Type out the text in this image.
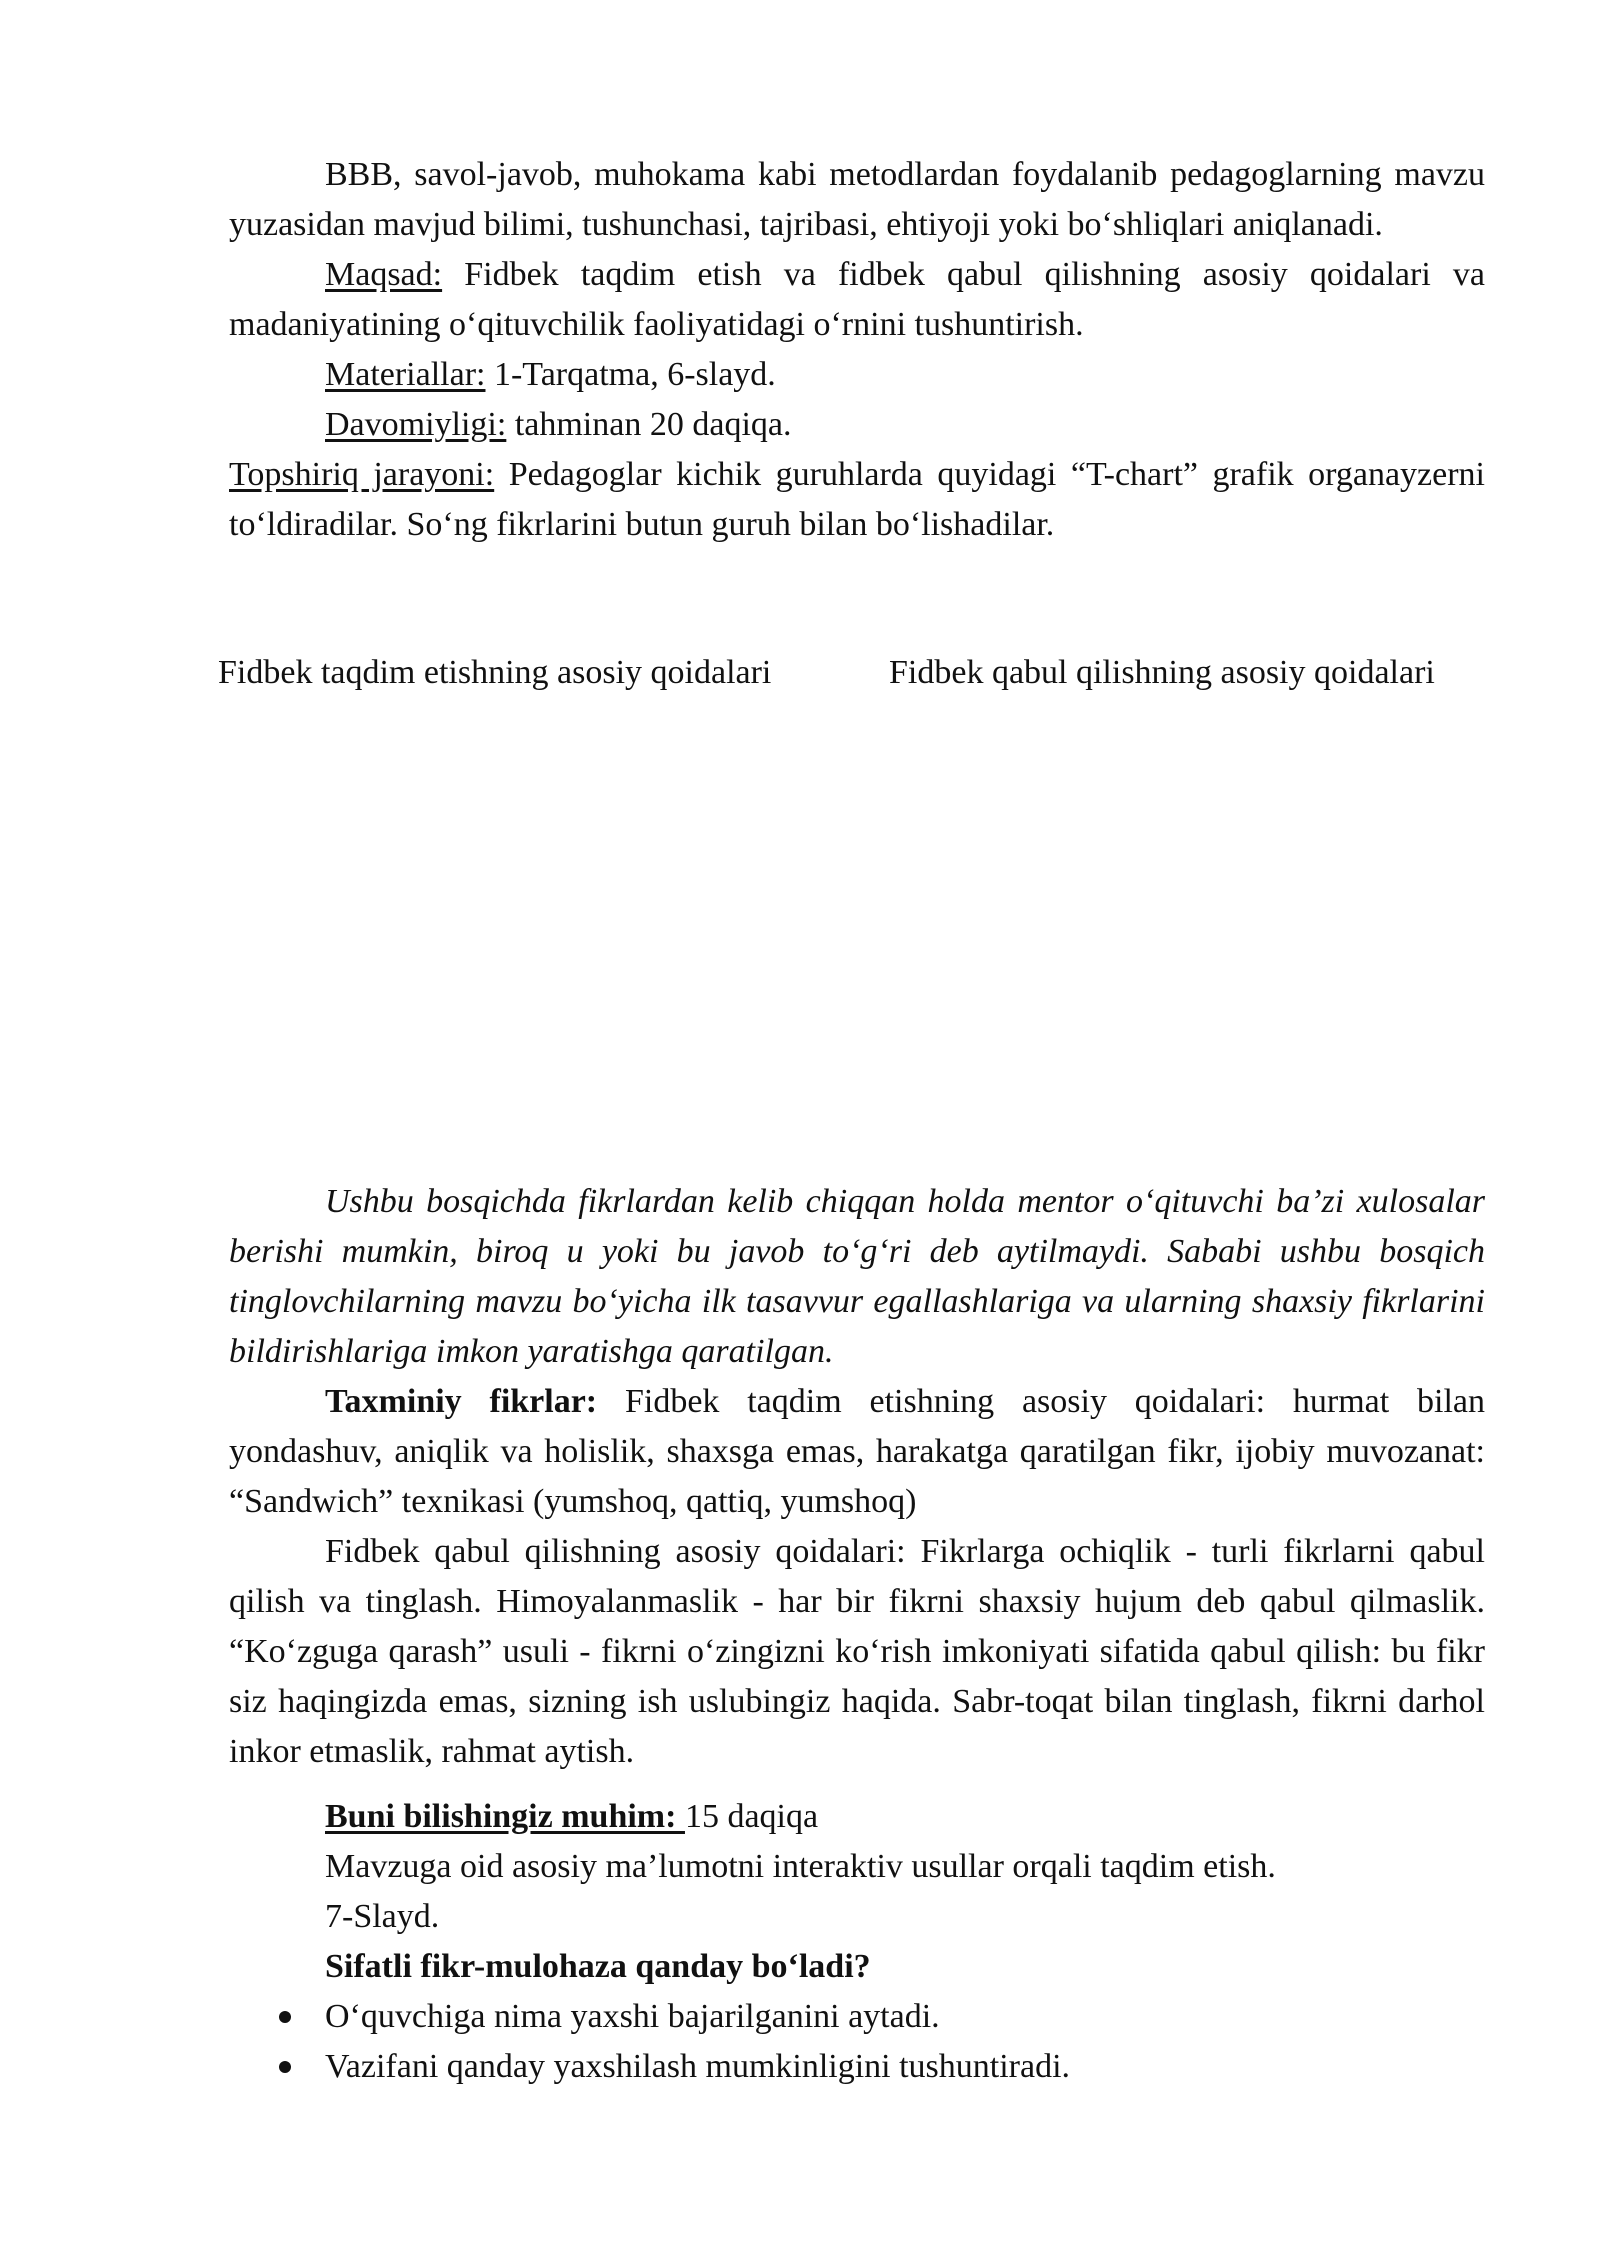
BBB, savol-javob, muhokama kabi metodlardan foydalanib pedagoglarning mavzu yuzasidan mavjud bilimi, tushunchasi, tajribasi, ehtiyoji yoki bo‘shliqlari aniqlanadi.

Maqsad: Fidbek taqdim etish va fidbek qabul qilishning asosiy qoidalari va madaniyatining o‘qituvchilik faoliyatidagi o‘rnini tushuntirish.

Materiallar: 1-Tarqatma, 6-slayd.

Davomiyligi: tahminan 20 daqiqa.

Topshiriq jarayoni: Pedagoglar kichik guruhlarda quyidagi “T-chart” grafik organayzerni to‘ldiradilar. So‘ng fikrlarini butun guruh bilan bo‘lishadilar.

Fidbek taqdim etishning asosiy qoidalari	Fidbek qabul qilishning asosiy qoidalari

Ushbu bosqichda fikrlardan kelib chiqqan holda mentor o‘qituvchi ba’zi xulosalar berishi mumkin, biroq u yoki bu javob to‘g‘ri deb aytilmaydi. Sababi ushbu bosqich tinglovchilarning mavzu bo‘yicha ilk tasavvur egallashlariga va ularning shaxsiy fikrlarini bildirishlariga imkon yaratishga qaratilgan.

Taxminiy fikrlar: Fidbek taqdim etishning asosiy qoidalari: hurmat bilan yondashuv, aniqlik va holislik, shaxsga emas, harakatga qaratilgan fikr, ijobiy muvozanat: “Sandwich” texnikasi (yumshoq, qattiq, yumshoq)

Fidbek qabul qilishning asosiy qoidalari: Fikrlarga ochiqlik - turli fikrlarni qabul qilish va tinglash. Himoyalanmaslik - har bir fikrni shaxsiy hujum deb qabul qilmaslik. “Ko‘zguga qarash” usuli - fikrni o‘zingizni ko‘rish imkoniyati sifatida qabul qilish: bu fikr siz haqingizda emas, sizning ish uslubingiz haqida. Sabr-toqat bilan tinglash, fikrni darhol inkor etmaslik, rahmat aytish.

Buni bilishingiz muhim: 15 daqiqa

Mavzuga oid asosiy ma’lumotni interaktiv usullar orqali taqdim etish.

7-Slayd.

Sifatli fikr-mulohaza qanday bo‘ladi?

O‘quvchiga nima yaxshi bajarilganini aytadi.
Vazifani qanday yaxshilash mumkinligini tushuntiradi.
